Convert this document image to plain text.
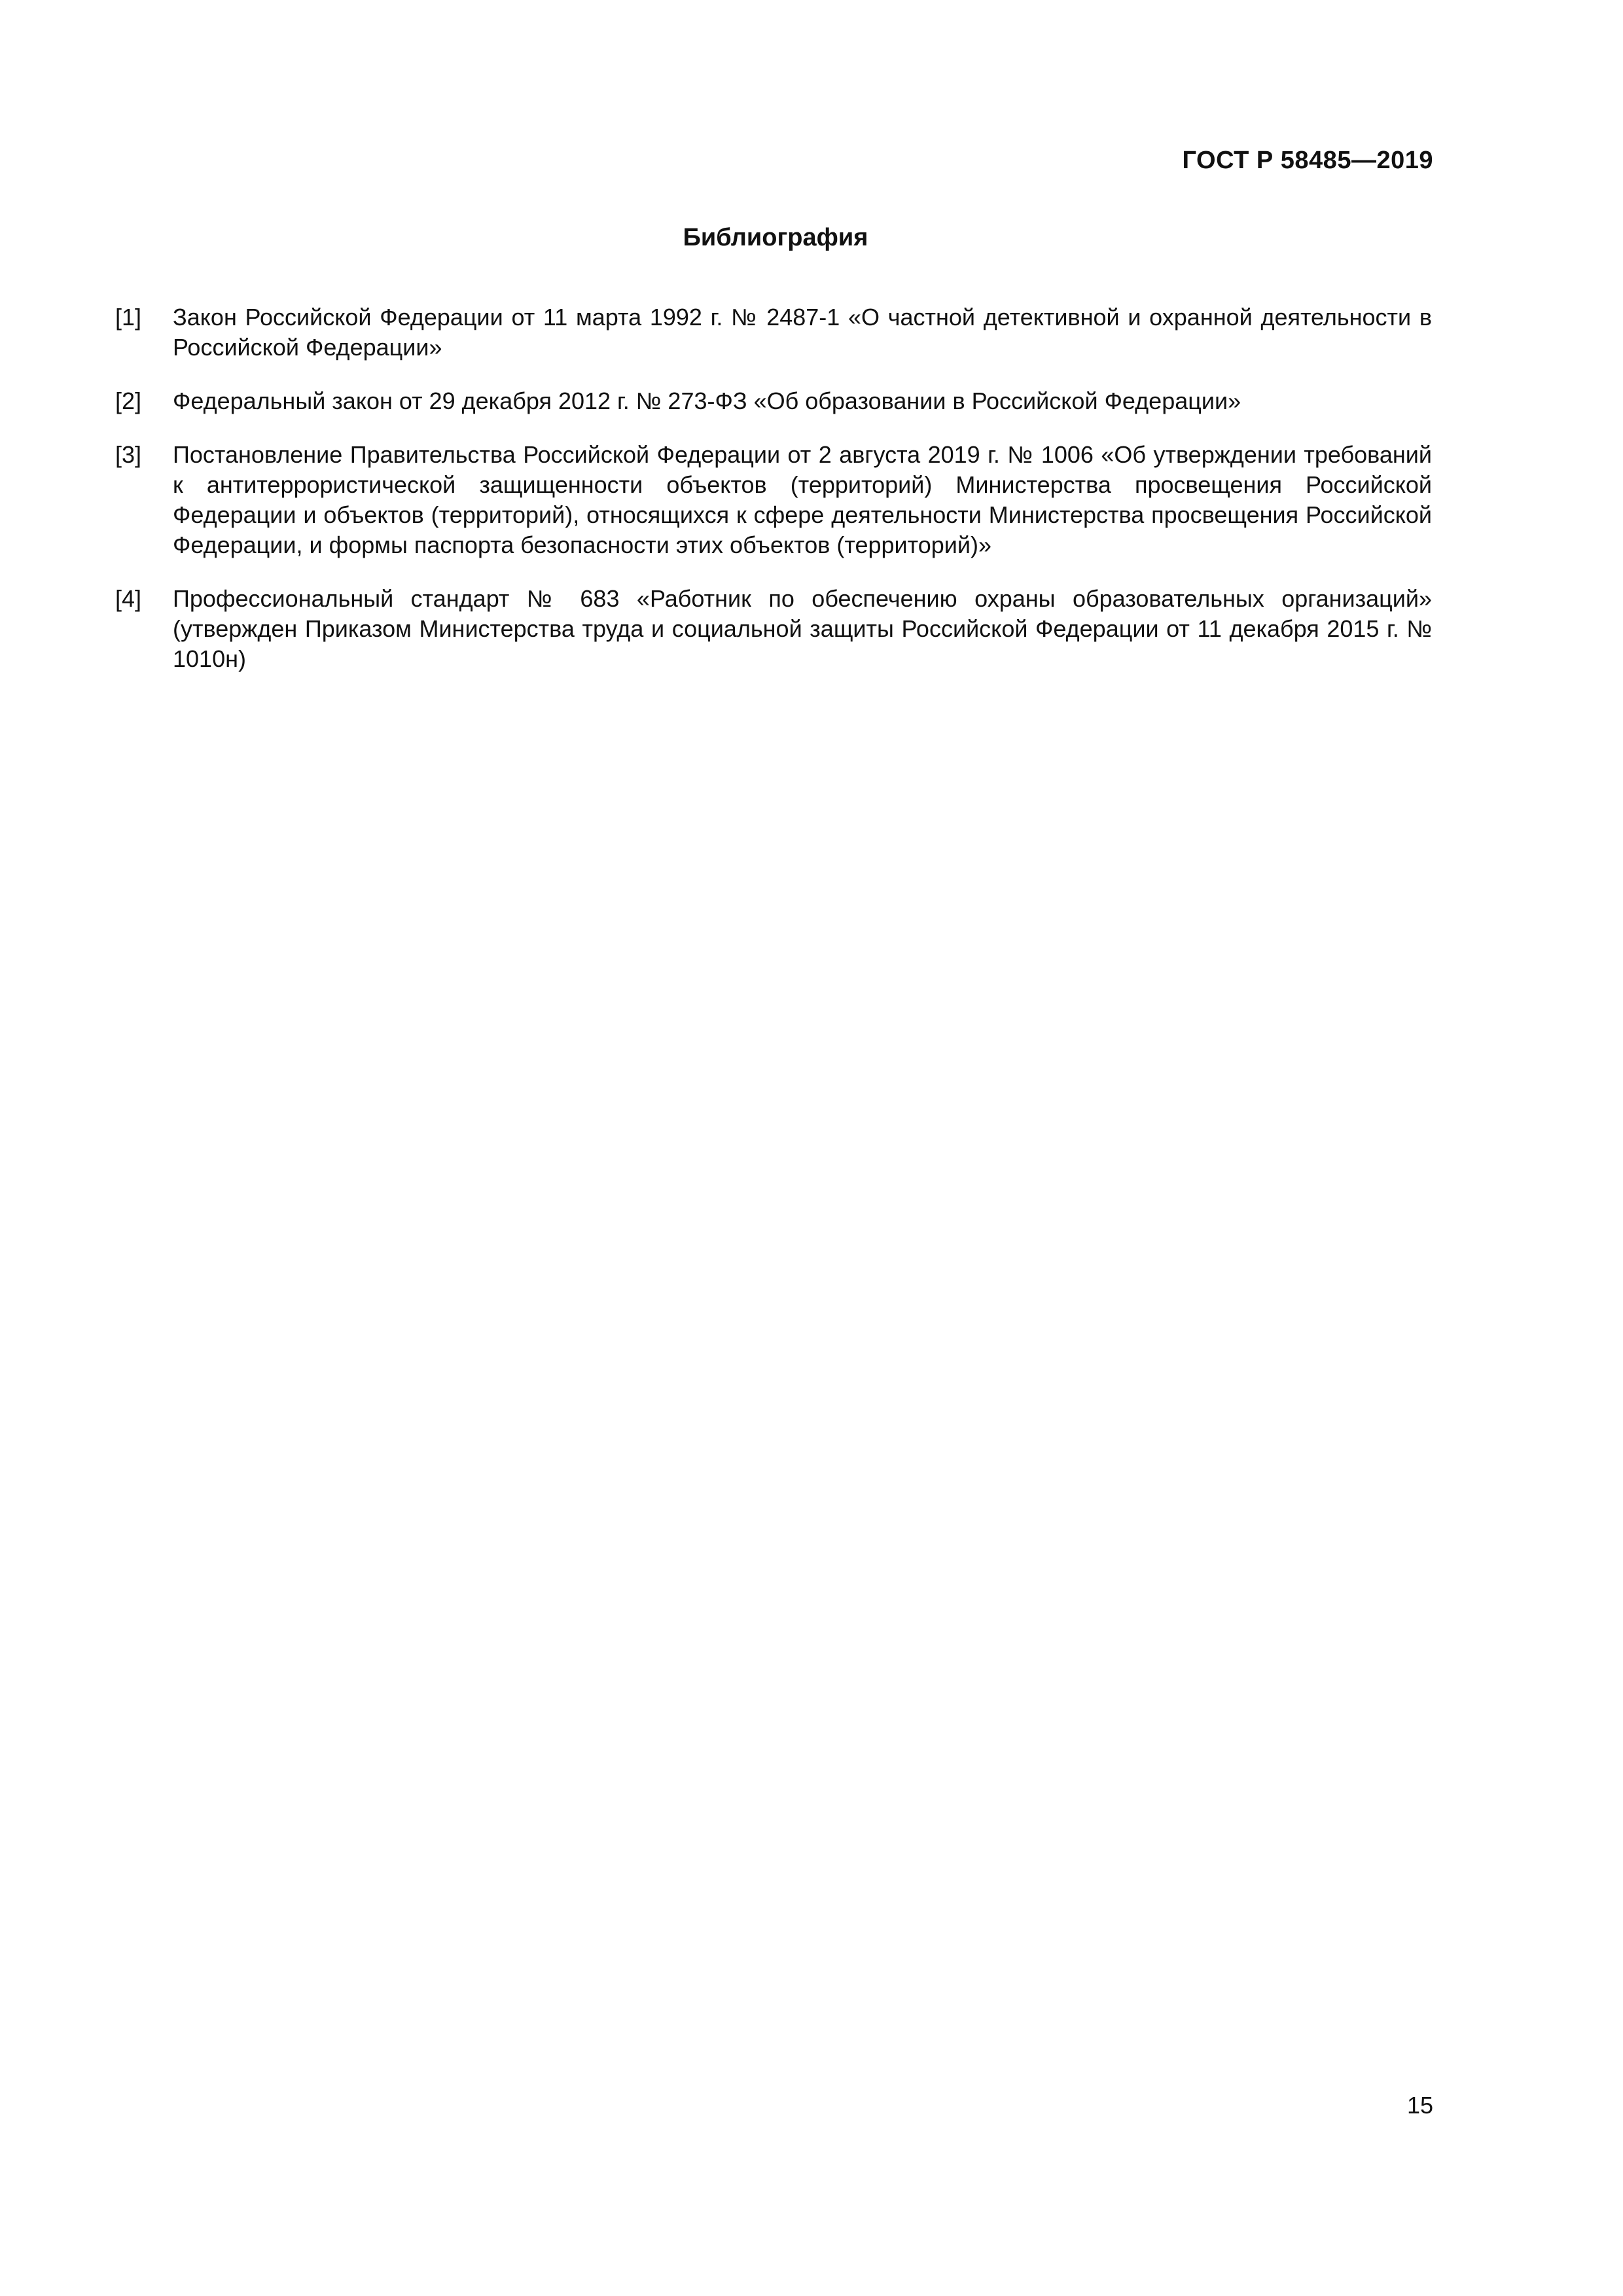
ГОСТ Р 58485—2019
Библиография
[1]	Закон Российской Федерации от 11 марта 1992 г. № 2487-1 «О частной детективной и охранной деятельности в Российской Федерации»
[2]	Федеральный закон от 29 декабря 2012 г. № 273-ФЗ «Об образовании в Российской Федерации»
[3]	Постановление Правительства Российской Федерации от 2 августа 2019 г. № 1006 «Об утверждении требований к антитеррористической защищенности объектов (территорий) Министерства просвещения Российской Федерации и объектов (территорий), относящихся к сфере деятельности Министерства просвещения Российской Федерации, и формы паспорта безопасности этих объектов (территорий)»
[4]	Профессиональный стандарт № 683 «Работник по обеспечению охраны образовательных организаций» (утвержден Приказом Министерства труда и социальной защиты Российской Федерации от 11 декабря 2015 г. № 1010н)
15
